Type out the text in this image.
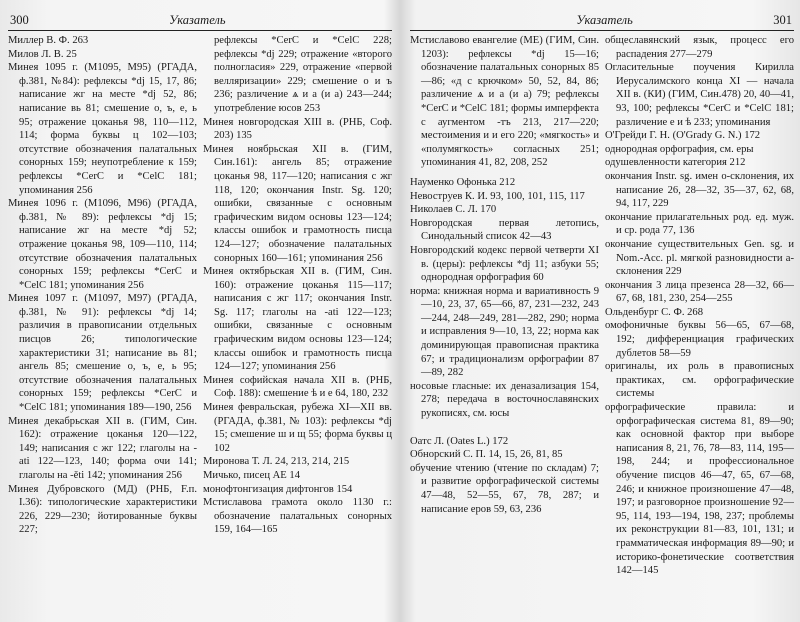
300	Указатель
Миллер В. Ф. 263
Милов Л. В. 25
Минея 1095 г. (М1095, М95) (РГАДА, ф.381, №84): рефлексы *dj 15, 17, 86; написание жг на месте *dj 52, 86; написание вь 81; смешение о, ъ, е, ь 95; отражение цоканья 98, 110—112, 114; форма буквы ц 102—103; отсутствие обозначения палатальных сонорных 159; неупотребление к 159; рефлексы *CerC и *CelC 181; упоминания 256
Минея 1096 г. (М1096, М96) (РГАДА, ф.381, № 89): рефлексы *dj 15; написание жг на месте *dj 52; отражение цоканья 98, 109—110, 114; отсутствие обозначения палатальных сонорных 159; рефлексы *CerC и *CelC 181; упоминания 256
Минея 1097 г. (М1097, М97) (РГАДА, ф.381, № 91): рефлексы *dj 14; различия в правописании отдельных писцов 26; типологические характеристики 31; написание вь 81; ангель 85; смешение о, ъ, е, ь 95; отсутствие обозначения палатальных сонорных 159; рефлексы *CerC и *CelC 181; упоминания 189—190, 256
Минея декабрьская XII в. (ГИМ, Син. 162): отражение цоканья 120—122, 149; написания с жг 122; глаголы на -ati 122—123, 140; форма очи 141; глаголы на -ěti 142; упоминания 256
Минея Дубровского (МД) (РНБ, F.п. I.36): типологические характеристики 226, 229—230; йотированные буквы 227;
рефлексы *CerC и *CelC 228; рефлексы *dj 229; отражение «второго полногласия» 229, отражение «первой велляризации» 229; смешение о и ъ 236; различение ѧ и а (и а) 243—244; употребление юсов 253
Минея новгородская XIII в. (РНБ, Соф. 203) 135
Минея ноябрьская XII в. (ГИМ, Син.161): ангель 85; отражение цоканья 98, 117—120; написания с жг 118, 120; окончания Instr. Sg. 120; ошибки, связанные с основным графическим видом основы 123—124; классы ошибок и грамотность писца 124—127; обозначение палатальных сонорных 160—161; упоминания 256
Минея октябрьская XII в. (ГИМ, Син. 160): отражение цоканья 115—117; написания с жг 117; окончания Instr. Sg. 117; глаголы на -ati 122—123; ошибки, связанные с основным графическим видом основы 123—124; классы ошибок и грамотность писца 124—127; упоминания 256
Минея софийская начала XII в. (РНБ, Соф. 188): смешение ѣ и е 64, 180, 232
Минея февральская, рубежа XI—XII вв. (РГАДА, ф.381, № 103): рефлексы *dj 15; смешение ш и щ 55; форма буквы ц 102
Миронова Т. Л. 24, 213, 214, 215
Мичько, писец АЕ 14
монофтонгизация дифтонгов 154
Мстиславова грамота около 1130 г.: обозначение палатальных сонорных 159, 164—165
Указатель	301
Мстиславово евангелие (МЕ) (ГИМ, Син. 1203): рефлексы *dj 15—16; обозначение палатальных сонорных 85—86; «д с крючком» 50, 52, 84, 86; различение ѧ и а (и а) 79; рефлексы *CerC и *CelC 181; формы имперфекта с аугментом -тъ 213, 217—220; местоимения и и его 220; «мягкость» и «полумягкость» согласных 251; упоминания 41, 82, 208, 252
Науменко Офонька 212
Невоструев К. И. 93, 100, 101, 115, 117
Николаев С. Л. 170
Новгородская первая летопись, Синодальный список 42—43
Новгородский кодекс первой четверти XI в. (церы): рефлексы *dj 11; азбуки 55; однородная орфография 60
норма: книжная норма и вариативность 9—10, 23, 37, 65—66, 87, 231—232, 243—244, 248—249, 281—282, 290; норма и исправления 9—10, 13, 22; норма как доминирующая правописная практика 67; и традиционализм орфографии 87—89, 282
носовые гласные: их деназализация 154, 278; передача в восточнославянских рукописях, см. юсы
Оатс Л. (Oates L.) 172
Обнорский С. П. 14, 15, 26, 81, 85
обучение чтению (чтение по складам) 7; и развитие орфографической системы 47—48, 52—55, 67, 78, 287; и написание еров 59, 63, 236
общеславянский язык, процесс его распадения 277—279
Огласительные поучения Кирилла Иерусалимского конца XI — начала XII в. (КИ) (ГИМ, Син.478) 20, 40—41, 93, 100; рефлексы *CerC и *CelC 181; различение е и ѣ 233; упоминания
О'Грейди Г. Н. (O'Grady G. N.) 172
однородная орфография, см. еры
одушевленности категория 212
окончания Instr. sg. имен о-склонения, их написание 26, 28—32, 35—37, 62, 68, 94, 117, 229
окончание прилагательных род. ед. муж. и ср. рода 77, 136
окончание существительных Gen. sg. и Nom.-Acc. pl. мягкой разновидности а-склонения 229
окончания 3 лица презенса 28—32, 66—67, 68, 181, 230, 254—255
Ольденбург С. Ф. 268
омофоничные буквы 56—65, 67—68, 192; дифференциация графических дублетов 58—59
оригиналы, их роль в правописных практиках, см. орфографические системы
орфографические правила: и орфографическая система 81, 89—90; как основной фактор при выборе написания 8, 21, 76, 78—83, 114, 195—198, 244; и профессиональное обучение писцов 46—47, 65, 67—68, 246; и книжное произношение 47—48, 197; и разговорное произношение 92—95, 114, 193—194, 198, 237; проблемы их реконструкции 81—83, 101, 131; и грамматическая информация 89—90; и историко-фонетические соответствия 142—145
